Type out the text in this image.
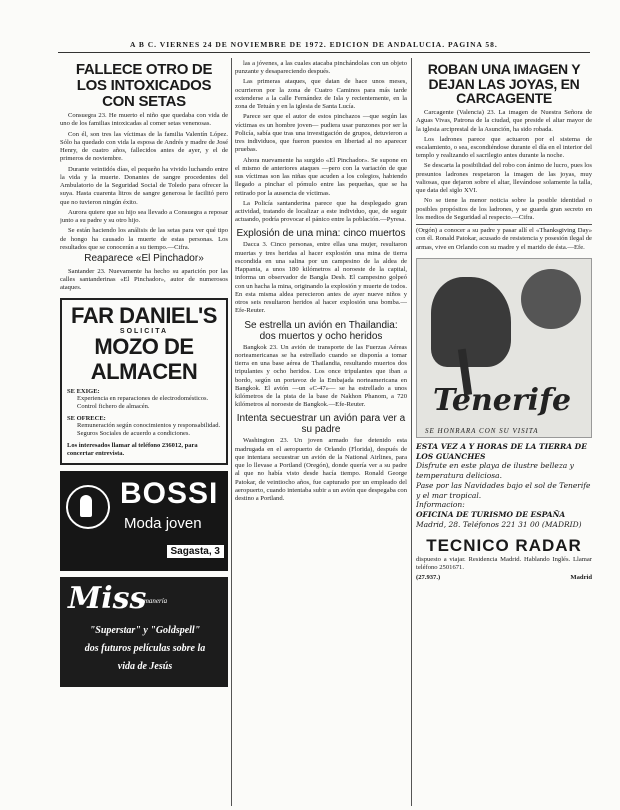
A B C. VIERNES 24 DE NOVIEMBRE DE 1972. EDICION DE ANDALUCIA. PAGINA 58.
FALLECE OTRO DE LOS INTOXICADOS CON SETAS

Consuegra 23. He muerto el niño que quedaba con vida de uno de los familias intoxicadas al comer setas venenosas.

Con él, son tres las víctimas de la familia Valentín López. Sólo ha quedado con vida la esposa de Andrés y madre de José Henry, de cuatro años, fallecidos antes de ayer, y el de primeros de noviembre.

Durante veintidós días, el pequeño ha vivido luchando entre la vida y la muerte. Donantes de sangre procedentes del Ambulatorio de la Seguridad Social de Toledo para ofrecer la suya. Hasta cuarenta litros de sangre generosa le facilitó pero que no tuvieron ningún éxito.

Aurora quiere que su hijo sea llevado a Consuegra a reposar junto a su padre y su otro hijo.

Se están haciendo los análisis de las setas para ver qué tipo de hongo ha causado la muerte de estas personas. Los resultados que se conocerán a su tiempo.—Cifra.

Reaparece «El Pinchador»

Santander 23. Nuevamente ha hecho su aparición por las calles santanderinas «El Pinchador», autor de numerosos ataques.

FAR DANIEL'S
SOLICITA
MOZO DE ALMACEN
SE EXIGE:
Experiencia en reparaciones de electrodomésticos. Control fichero de almacén.
SE OFRECE:
Remuneración según conocimientos y responsabilidad. Seguros Sociales de acuerdo a condiciones.
Los interesados llamar al teléfono 236012, para concertar entrevista.
BOSSI
Moda joven
Sagasta, 3
Miss
semanería
"Superstar" y "Goldspell"
dos futuros películas sobre la
vida de Jesús

las a jóvenes, a las cuales atacaba pinchándolas con un objeto punzante y desapareciendo después.

Las primeras ataques, que datan de hace unos meses, ocurrieron por la zona de Cuatro Caminos para más tarde extenderse a la calle Fernández de Isla y recientemente, en la zona de Tetuán y en la iglesia de Santa Lucía.

Parece ser que el autor de estos pinchazos —que según las víctimas es un hombre joven— pudiera usar punzones por ser la Policía, sabía que tras una investigación de grupos, detuvieron a tres individuos, que fueron puestos en libertad al no aparecer pruebas.

Ahora nuevamente ha surgido «El Pinchador». Se supone en el mismo de anteriores ataques —pero con la variación de que sus víctimas son las niñas que acuden a los colegios, habiendo llegado a pinchar el pómulo entre las pequeñas, que se ha retirado por la ausencia de víctimas.

La Policía santanderina parece que ha desplegado gran actividad, tratando de localizar a este individuo, que, de seguir actuando, podría provocar el pánico entre la población.—Pyresa.

Explosión de una mina: cinco muertos

Dacca 3. Cinco personas, entre ellas una mujer, resultaron muertas y tres heridas al hacer explosión una mina de tierra escondida en una salina por un campesino de la aldea de Happania, a unos 180 kilómetros al noroeste de la capital, informa un observador de Bangla Desh. El campesino golpeó con un hacha la mina, originando la explosión y muerte de todos. En esta misma aldea perecieron antes de ayer nueve niños y otros seis resultaron heridos al hacer explosión una bomba.—Efe-Reuter.

Se estrella un avión en Thailandia: dos muertos y ocho heridos

Bangkok 23. Un avión de transporte de las Fuerzas Aéreas norteamericanas se ha estrellado cuando se disponía a tomar tierra en una base aérea de Thailandia, resultando muertos dos tripulantes y ocho heridos. Los once tripulantes que iban a bordo, según un portavoz de la Embajada norteamericana en Bangkok. El avión —un «C-47»— se ha estrellado a unos kilómetros de la pista de la base de Nakhon Phanom, a 720 kilómetros al noroeste de Bangkok.—Efe-Reuter.

Intenta secuestrar un avión para ver a su padre

Washington 23. Un joven armado fue detenido esta madrugada en el aeropuerto de Orlando (Florida), después de que intentara secuestrar un avión de la National Airlines, para que lo llevase a Portland (Oregón), donde quería ver a su padre al que no había visto desde hacía tiempo. Ronald George Patokar, de veintiocho años, fue capturado por un empleado del aeropuerto, cuando intentaba subir a un avión que despegaba con destino a Portland.

ROBAN UNA IMAGEN Y DEJAN LAS JOYAS, EN CARCAGENTE

Carcagente (Valencia) 23. La imagen de Nuestra Señora de Aguas Vivas, Patrona de la ciudad, que preside el altar mayor de la iglesia arciprestal de la Asunción, ha sido robada.

Los ladrones parece que actuaron por el sistema de escalamiento, o sea, escondiéndose durante el día en el interior del templo y realizando el sacrilegio antes durante la noche.

Se descarta la posibilidad del robo con ánimo de lucro, pues los presuntos ladrones respetaron la imagen de las joyas, muy valiosas, que dejaron sobre el altar, llevándose solamente la talla, que data del siglo XVI.

No se tiene la menor noticia sobre la posible identidad o posibles propósitos de los ladrones, y se guarda gran secreto en los medios de Seguridad al respecto.—Cifra.

(Orgón) a conocer a su padre y pasar allí el «Thanksgiving Day» con él. Ronald Patokar, acusado de resistencia y posesión ilegal de armas, vive en Orlando con su madre y el marido de ésta.—Efe.

Tenerife
SE HONRARA CON SU VISITA
ESTA VEZ A Y HORAS DE LA TIERRA DE LOS GUANCHES
Disfrute en este playa de ilustre belleza y temperatura deliciosa.
Pase por las Navidades bajo el sol de Tenerife y el mar tropical.
Informacion:
OFICINA DE TURISMO DE ESPAÑA
Madrid, 28. Teléfonos 221 31 00 (MADRID)
TECNICO RADAR

dispuesto a viajar. Residencia Madrid. Hablando Inglés. Llamar teléfono 2501671.

(27.937.)	Madrid
